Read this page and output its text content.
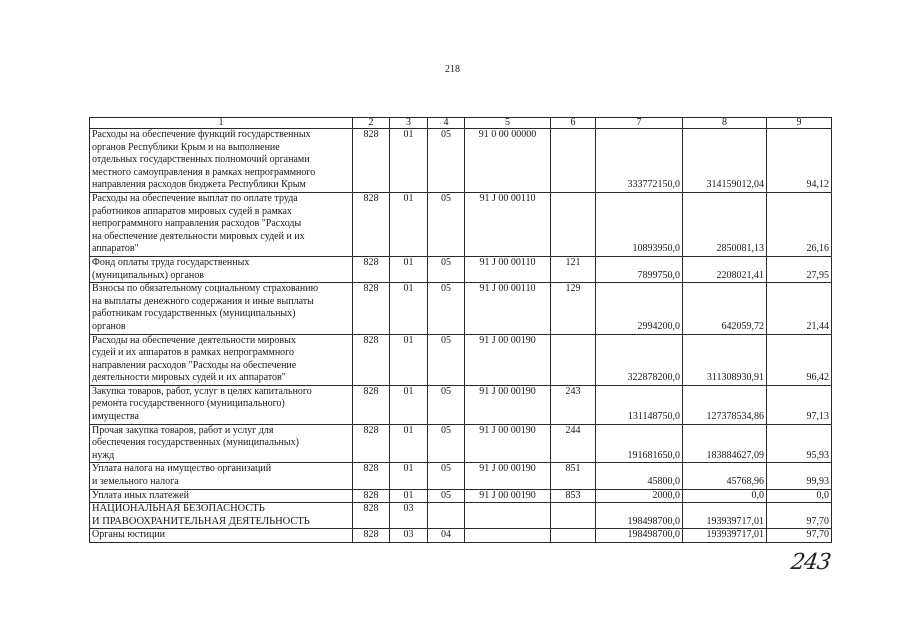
218
1	2	3	4	5	6	7	8	9

Расходы на обеспечение функций государственных
органов Республики Крым и на выполнение
отдельных государственных полномочий органами
местного самоуправления в рамках непрограммного
направления расходов бюджета Республики Крым	828	01	05	91 0 00 00000		333772150,0	314159012,04	94,12

Расходы на обеспечение выплат по оплате труда
работников аппаратов мировых судей в рамках
непрограммного направления расходов "Расходы
на обеспечение деятельности мировых судей и их
аппаратов"	828	01	05	91 J 00 00110		10893950,0	2850081,13	26,16

Фонд оплаты труда государственных
(муниципальных) органов	828	01	05	91 J 00 00110	121	7899750,0	2208021,41	27,95

Взносы по обязательному социальному страхованию
на выплаты денежного содержания и иные выплаты
работникам государственных (муниципальных)
органов	828	01	05	91 J 00 00110	129	2994200,0	642059,72	21,44

Расходы на обеспечение деятельности мировых
судей и их аппаратов в рамках непрограммного
направления расходов "Расходы на обеспечение
деятельности мировых судей и их аппаратов"	828	01	05	91 J 00 00190		322878200,0	311308930,91	96,42

Закупка товаров, работ, услуг в целях капитального
ремонта государственного (муниципального)
имущества	828	01	05	91 J 00 00190	243	131148750,0	127378534,86	97,13

Прочая закупка товаров, работ и услуг для
обеспечения государственных (муниципальных)
нужд	828	01	05	91 J 00 00190	244	191681650,0	183884627,09	95,93

Уплата налога на имущество организаций
и земельного налога	828	01	05	91 J 00 00190	851	45800,0	45768,96	99,93

Уплата иных платежей	828	01	05	91 J 00 00190	853	2000,0	0,0	0,0

НАЦИОНАЛЬНАЯ БЕЗОПАСНОСТЬ
И ПРАВООХРАНИТЕЛЬНАЯ ДЕЯТЕЛЬНОСТЬ	828	03				198498700,0	193939717,01	97,70

Органы юстиции	828	03	04			198498700,0	193939717,01	97,70
243
